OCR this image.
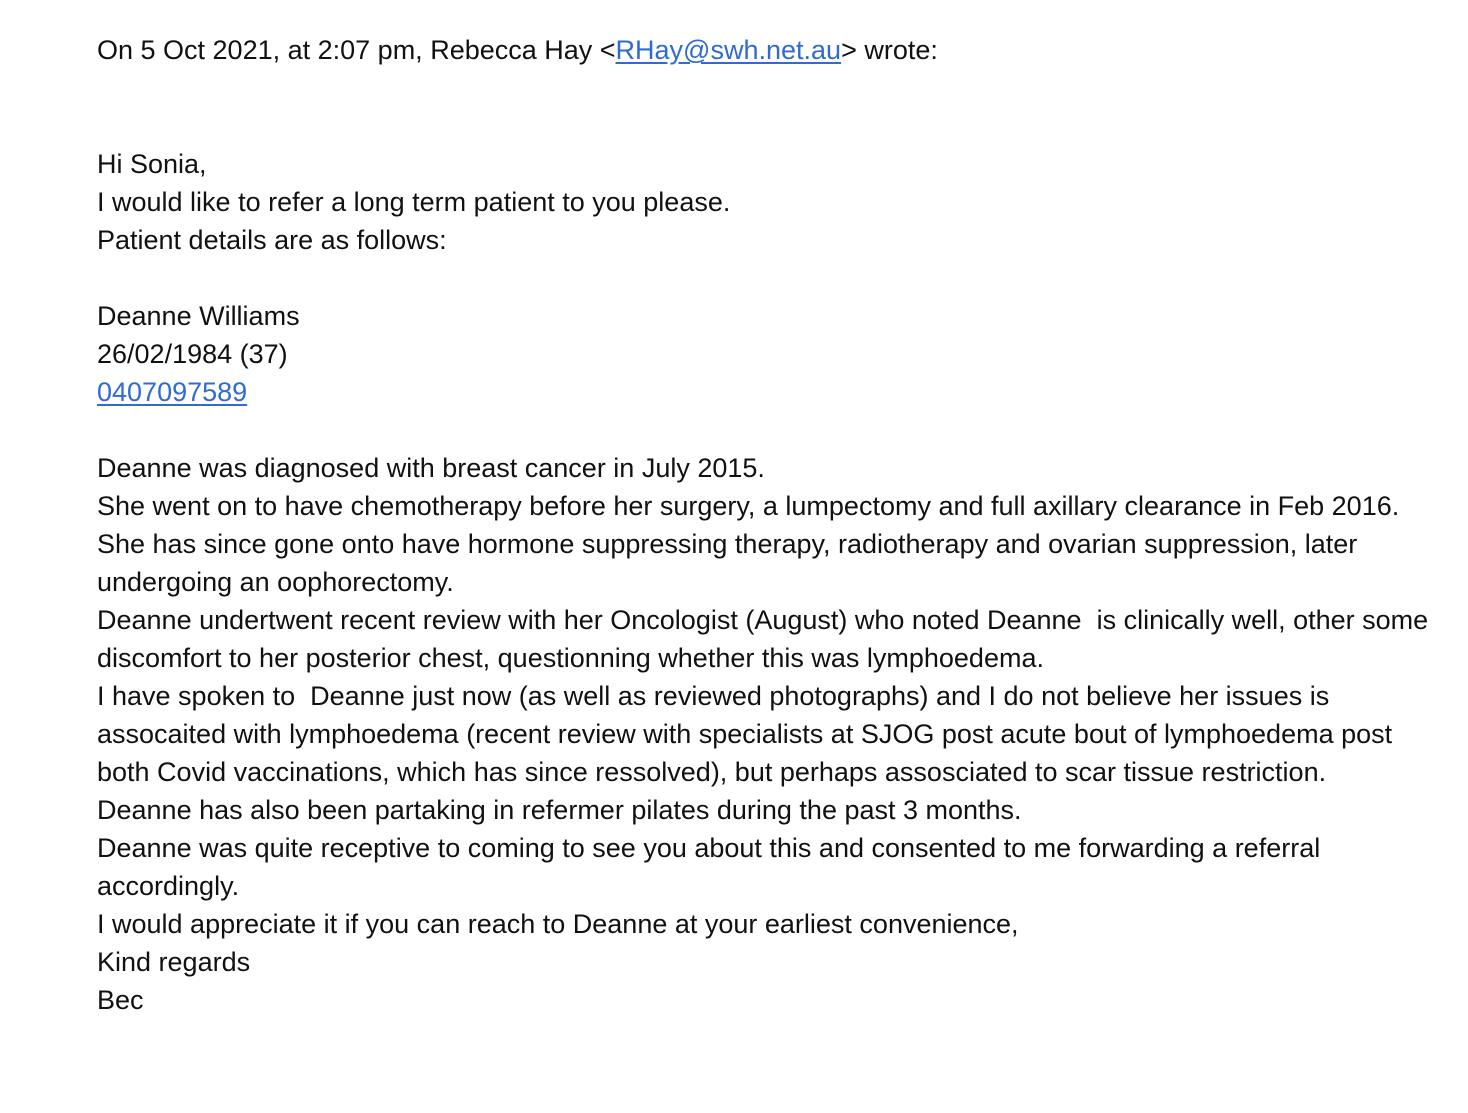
On 5 Oct 2021, at 2:07 pm, Rebecca Hay <RHay@swh.net.au> wrote:
Hi Sonia,
I would like to refer a long term patient to you please.
Patient details are as follows:
Deanne Williams
26/02/1984 (37)
0407097589
Deanne was diagnosed with breast cancer in July 2015.
She went on to have chemotherapy before her surgery, a lumpectomy and full axillary clearance in Feb 2016.  She has since gone onto have hormone suppressing therapy, radiotherapy and ovarian suppression, later undergoing an oophorectomy.
Deanne undertwent recent review with her Oncologist (August) who noted Deanne  is clinically well, other some discomfort to her posterior chest, questionning whether this was lymphoedema.
I have spoken to  Deanne just now (as well as reviewed photographs) and I do not believe her issues is assocaited with lymphoedema (recent review with specialists at SJOG post acute bout of lymphoedema post both Covid vaccinations, which has since ressolved), but perhaps assosciated to scar tissue restriction.
Deanne has also been partaking in refermer pilates during the past 3 months.
Deanne was quite receptive to coming to see you about this and consented to me forwarding a referral accordingly.
I would appreciate it if you can reach to Deanne at your earliest convenience,
Kind regards
Bec
